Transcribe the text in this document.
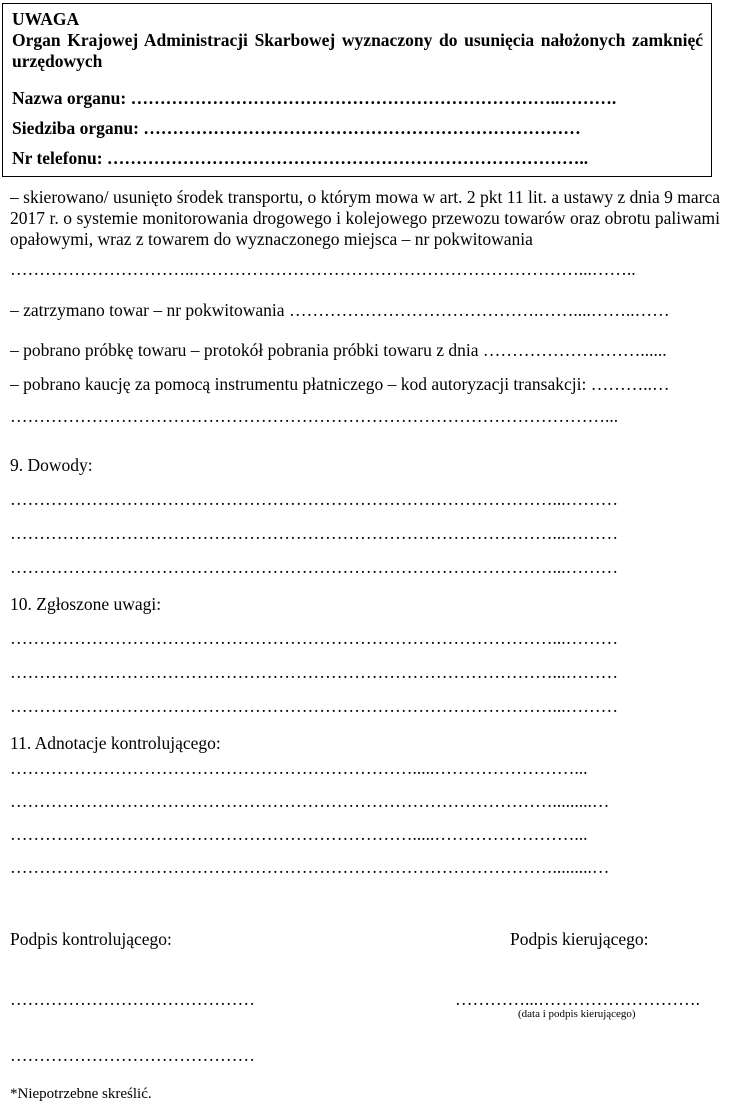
UWAGA
Organ Krajowej Administracji Skarbowej wyznaczony do usunięcia nałożonych zamknięć urzędowych
Nazwa organu: ………………………………………………………………..……….
Siedziba organu: …………………………………………………………………
Nr telefonu: ………………………………………………………………………..
– skierowano/ usunięto środek transportu, o którym mowa w art. 2 pkt 11 lit. a ustawy z dnia 9 marca 2017 r. o systemie monitorowania drogowego i kolejowego przewozu towarów oraz obrotu paliwami opałowymi, wraz z towarem do wyznaczonego miejsca – nr pokwitowania
…………………………..…………………………………………………………...……..
– zatrzymano towar – nr pokwitowania …………………………………….……....……..……
– pobrano próbkę towaru – protokół pobrania próbki towaru z dnia ………………………......
– pobrano kaucję za pomocą instrumentu płatniczego – kod autoryzacji transakcji: ………..…
…………………………………………………………………………………………...
9. Dowody:
…………………………………………………………………………………...………
…………………………………………………………………………………...………
…………………………………………………………………………………...………
10. Zgłoszone uwagi:
…………………………………………………………………………………...………
…………………………………………………………………………………...………
…………………………………………………………………………………...………
11. Adnotacje kontrolującego:
…………………………………………………………….....……………………...
………………………………………………………………………………….........…
…………………………………………………………….....……………………...
………………………………………………………………………………….........…
Podpis kontrolującego:	Podpis kierującego:
……………………………………	…………...……………………….
(data i podpis kierującego)
……………………………………
*Niepotrzebne skreślić.
